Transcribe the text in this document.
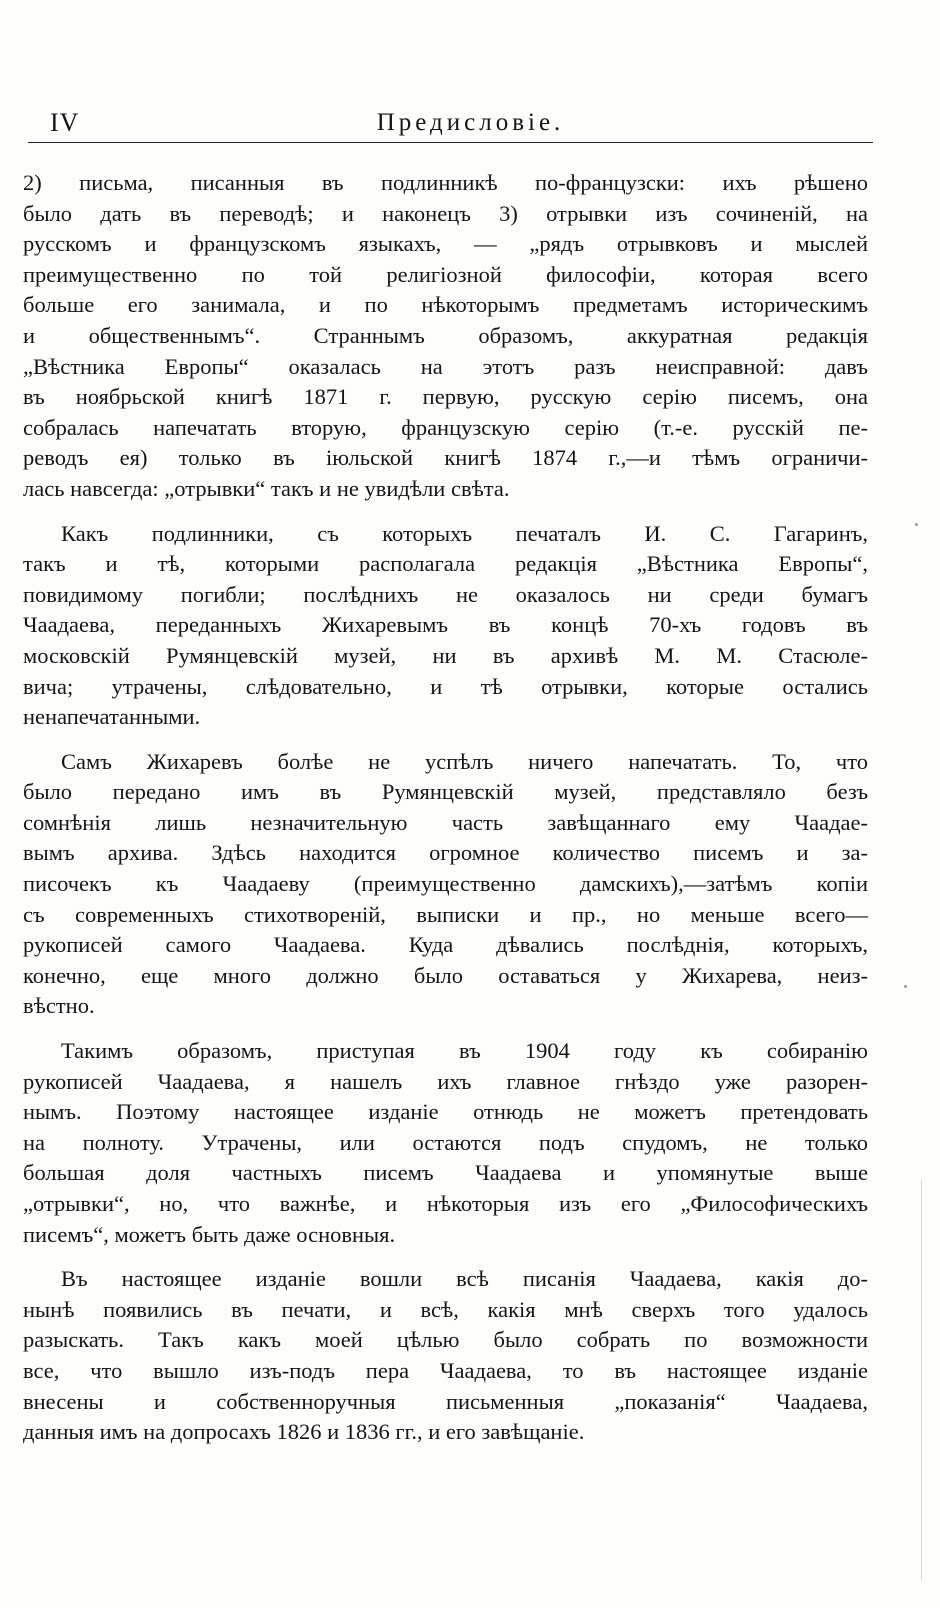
IV	Предисловіе.
2) письма, писанныя въ подлинникѣ по-французски: ихъ рѣшено
было дать въ переводѣ; и наконецъ 3) отрывки изъ сочиненій, на
русскомъ и французскомъ языкахъ, — „рядъ отрывковъ и мыслей
преимущественно по той религіозной философіи, которая всего
больше его занимала, и по нѣкоторымъ предметамъ историческимъ
и общественнымъ“. Страннымъ образомъ, аккуратная редакція
„Вѣстника Европы“ оказалась на этотъ разъ неисправной: давъ
въ ноябрьской книгѣ 1871 г. первую, русскую серію писемъ, она
собралась напечатать вторую, французскую серію (т.-е. русскій пе-
реводъ ея) только въ іюльской книгѣ 1874 г.,—и тѣмъ ограничи-
лась навсегда: „отрывки“ такъ и не увидѣли свѣта.
Какъ подлинники, съ которыхъ печаталъ И. С. Гагаринъ,
такъ и тѣ, которыми располагала редакція „Вѣстника Европы“,
повидимому погибли; послѣднихъ не оказалось ни среди бумагъ
Чаадаева, переданныхъ Жихаревымъ въ концѣ 70-хъ годовъ въ
московскій Румянцевскій музей, ни въ архивѣ М. М. Стасюле-
вича; утрачены, слѣдовательно, и тѣ отрывки, которые остались
ненапечатанными.
Самъ Жихаревъ болѣе не успѣлъ ничего напечатать. То, что
было передано имъ въ Румянцевскій музей, представляло безъ
сомнѣнія лишь незначительную часть завѣщаннаго ему Чаадае-
вымъ архива. Здѣсь находится огромное количество писемъ и за-
писочекъ къ Чаадаеву (преимущественно дамскихъ),—затѣмъ копіи
съ современныхъ стихотвореній, выписки и пр., но меньше всего—
рукописей самого Чаадаева. Куда дѣвались послѣднія, которыхъ,
конечно, еще много должно было оставаться у Жихарева, неиз-
вѣстно.
Такимъ образомъ, приступая въ 1904 году къ собиранію
рукописей Чаадаева, я нашелъ ихъ главное гнѣздо уже разорен-
нымъ. Поэтому настоящее изданіе отнюдь не можетъ претендовать
на полноту. Утрачены, или остаются подъ спудомъ, не только
большая доля частныхъ писемъ Чаадаева и упомянутые выше
„отрывки“, но, что важнѣе, и нѣкоторыя изъ его „Философическихъ
писемъ“, можетъ быть даже основныя.
Въ настоящее изданіе вошли всѣ писанія Чаадаева, какія до-
нынѣ появились въ печати, и всѣ, какія мнѣ сверхъ того удалось
разыскать. Такъ какъ моей цѣлью было собрать по возможности
все, что вышло изъ-подъ пера Чаадаева, то въ настоящее изданіе
внесены и собственноручныя письменныя „показанія“ Чаадаева,
данныя имъ на допросахъ 1826 и 1836 гг., и его завѣщаніе.
